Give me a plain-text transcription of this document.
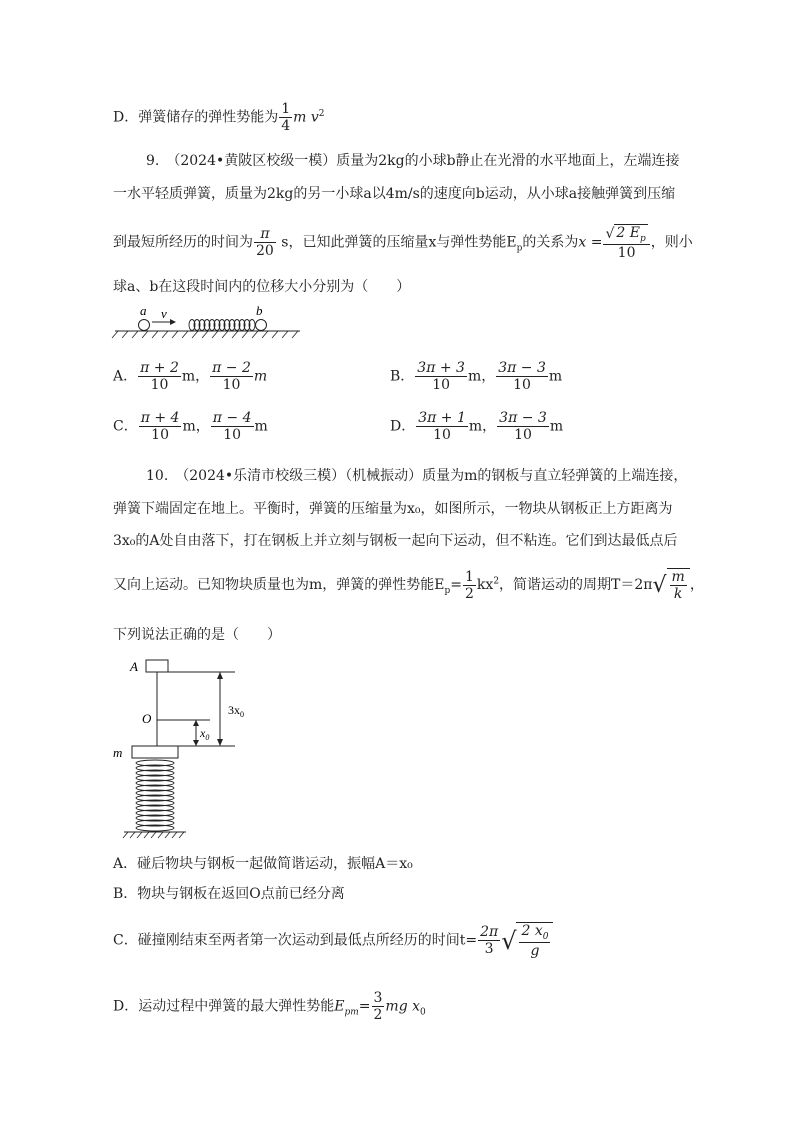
D．弹簧储存的弹性势能为 $\frac{1}{4}$ m $v^2$
9.　（2024•黄陂区校级一模）质量为2kg的小球b静止在光滑的水平地面上，左端连接
一水平轻质弹簧，质量为2kg的另一小球a以4m/s的速度向b运动，从小球a接触弹簧到压缩
到最短所经历的时间为 $\frac{\pi}{20}$ s，已知此弹簧的压缩量x与弹性势能$E_p$的关系为$x = \frac{√ 2 E_p}{10}$ ，则小
球a、b在这段时间内的位移大小分别为（　　）
a v	b
A． $\frac{\pi + 2}{10}$ m， $\frac{\pi - 2}{10}$ m	B． $\frac{3\pi + 3}{10}$ m， $\frac{3\pi - 3}{10}$ m
C． $\frac{\pi + 4}{10}$ m， $\frac{\pi - 4}{10}$ m	D． $\frac{3\pi + 1}{10}$ m， $\frac{3\pi - 3}{10}$ m
10.　（2024•乐清市校级三模）（机械振动）质量为m的钢板与直立轻弹簧的上端连接，
弹簧下端固定在地上。平衡时，弹簧的压缩量为x₀，如图所示，一物块从钢板正上方距离为
3x₀的A处自由落下，打在钢板上并立刻与钢板一起向下运动，但不粘连。它们到达最低点后
又向上运动。已知物块质量也为m，弹簧的弹性势能$E_p= \frac{1}{2} kx^2$，简谐运动的周期$T=2\pi√ \frac{m}{k}$ ，
下列说法正确的是（　　）
A
O
m
$3x_0$
$x_0$
A．碰后物块与钢板一起做简谐运动，振幅A＝x₀
B．物块与钢板在返回O点前已经分离
C．碰撞刚结束至两者第一次运动到最低点所经历的时间$t= \frac{2\pi}{3}$ √ $\frac{2 x_0}{g}$
D．运动过程中弹簧的最大弹性势能$E_{pm}= \frac{3}{2}$ mg $x_0$
